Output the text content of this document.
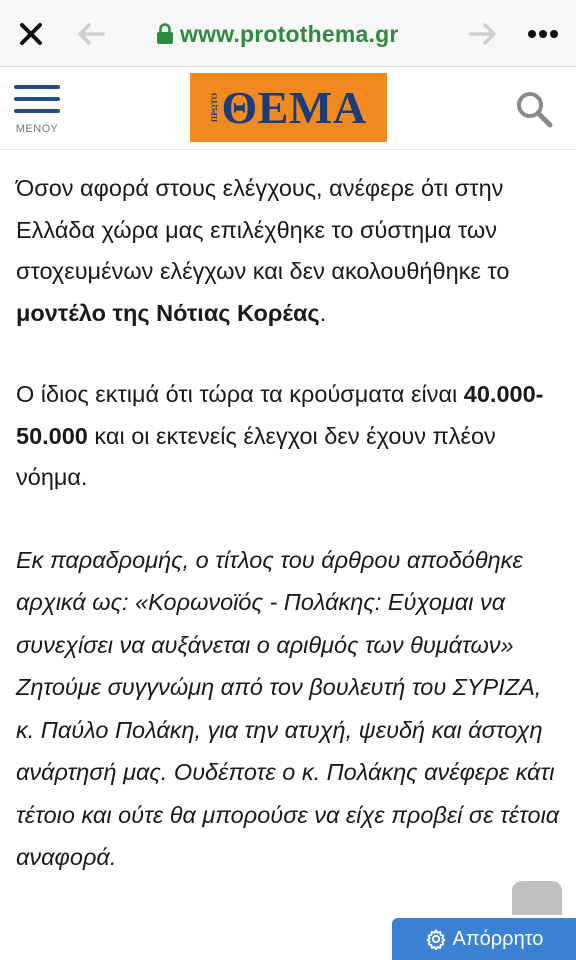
www.protothema.gr
ΜΕΝΟΥ
ΠΡΩΤΟ ΘΕΜΑ

Όσον αφορά στους ελέγχους, ανέφερε ότι στην Ελλάδα χώρα μας επιλέχθηκε το σύστημα των στοχευμένων ελέγχων και δεν ακολουθήθηκε το μοντέλο της Νότιας Κορέας.

Ο ίδιος εκτιμά ότι τώρα τα κρούσματα είναι 40.000-50.000 και οι εκτενείς έλεγχοι δεν έχουν πλέον νόημα.

Εκ παραδρομής, ο τίτλος του άρθρου αποδόθηκε αρχικά ως: «Κορωνοϊός - Πολάκης: Εύχομαι να συνεχίσει να αυξάνεται ο αριθμός των θυμάτων» Ζητούμε συγγνώμη από τον βουλευτή του ΣΥΡΙΖΑ, κ. Παύλο Πολάκη, για την ατυχή, ψευδή και άστοχη ανάρτησή μας. Ουδέποτε ο κ. Πολάκης ανέφερε κάτι τέτοιο και ούτε θα μπορούσε να είχε προβεί σε τέτοια αναφορά.

Απόρρητο
